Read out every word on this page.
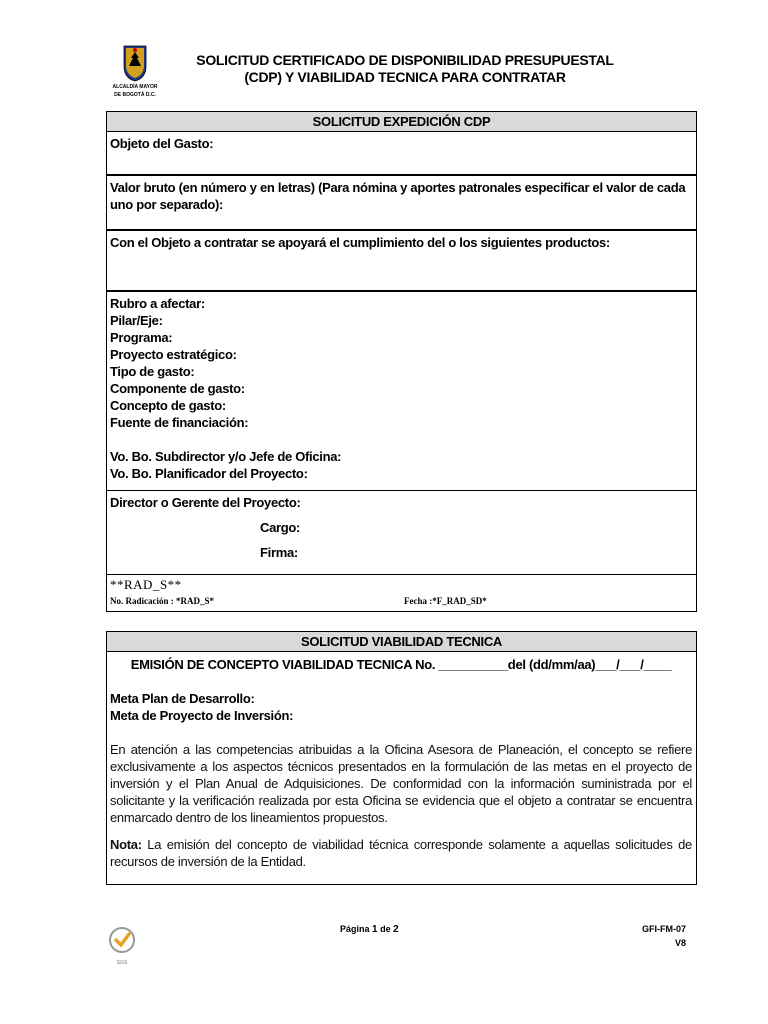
ALCALDÍA MAYOR
DE BOGOTÁ D.C.

SOLICITUD CERTIFICADO DE DISPONIBILIDAD PRESUPUESTAL
(CDP) Y VIABILIDAD TECNICA PARA CONTRATAR
SOLICITUD EXPEDICIÓN CDP
Objeto del Gasto:
Valor bruto (en número y en letras) (Para nómina y aportes patronales especificar el valor de cada uno por separado):
Con el Objeto a contratar se apoyará el cumplimiento del o los siguientes productos:
Rubro a afectar:
Pilar/Eje:
Programa:
Proyecto estratégico:
Tipo de gasto:
Componente de gasto:
Concepto de gasto:
Fuente de financiación:
Vo. Bo. Subdirector y/o Jefe de Oficina:
Vo. Bo. Planificador del Proyecto:
Director o Gerente del Proyecto:
Cargo:
Firma:
**RAD_S**
No. Radicación : *RAD_S*	Fecha :*F_RAD_SD*
SOLICITUD VIABILIDAD TECNICA
EMISIÓN DE CONCEPTO VIABILIDAD TECNICA No. __________del (dd/mm/aa)___/___/____
Meta Plan de Desarrollo:
Meta de Proyecto de Inversión:
En atención a las competencias atribuidas a la Oficina Asesora de Planeación, el concepto se refiere exclusivamente a los aspectos técnicos presentados en la formulación de las metas en el proyecto de inversión y el Plan Anual de Adquisiciones. De conformidad con la información suministrada por el solicitante y la verificación realizada por esta Oficina se evidencia que el objeto a contratar se encuentra enmarcado dentro de los lineamientos propuestos.
Nota: La emisión del concepto de viabilidad técnica corresponde solamente a aquellas solicitudes de recursos de inversión de la Entidad.
SGS
Página 1 de 2	GFI-FM-07
V8
